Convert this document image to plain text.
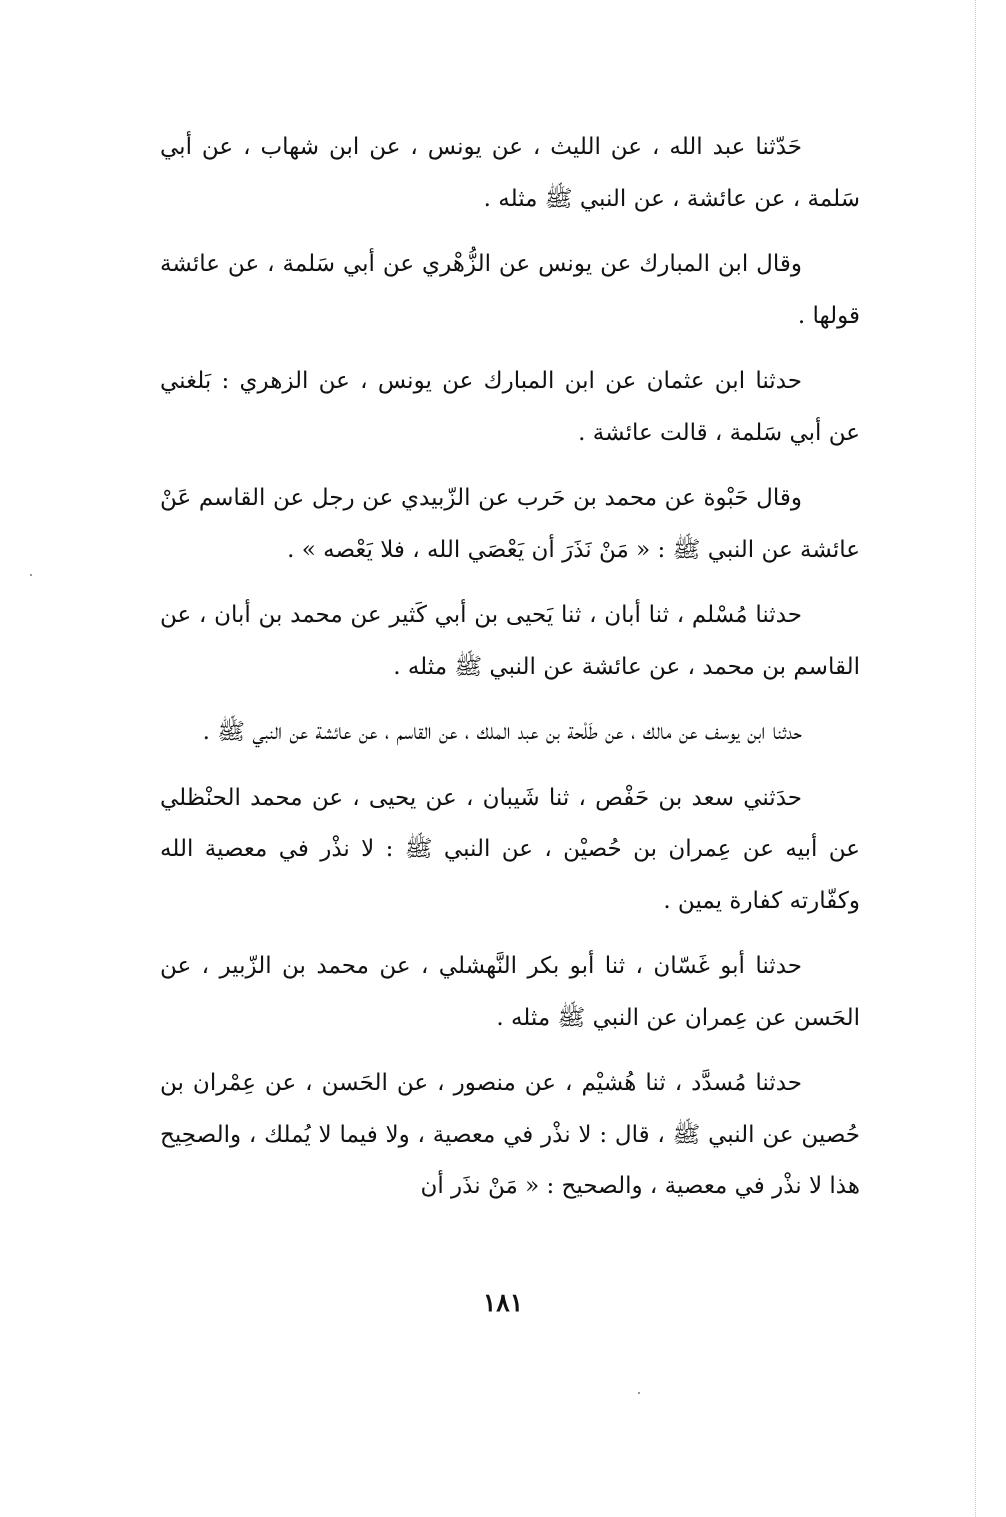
حَدّثنا عبد الله ، عن الليث ، عن يونس ، عن ابن شهاب ، عن أبي سَلمة ، عن عائشة ، عن النبي ﷺ مثله .

وقال ابن المبارك عن يونس عن الزُّهْري عن أبي سَلمة ، عن عائشة قولها .

حدثنا ابن عثمان عن ابن المبارك عن يونس ، عن الزهري : بَلغني عن أبي سَلمة ، قالت عائشة .

وقال حَبْوة عن محمد بن حَرب عن الزّبيدي عن رجل عن القاسم عَنْ عائشة عن النبي ﷺ : « مَنْ نَذَرَ أن يَعْصَي الله ، فلا يَعْصه » .

حدثنا مُسْلم ، ثنا أبان ، ثنا يَحيى بن أبي كَثير عن محمد بن أبان ، عن القاسم بن محمد ، عن عائشة عن النبي ﷺ مثله .

حدثنا ابن يوسف عن مالك ، عن طَلْحة بن عبد الملك ، عن القاسم ، عن عائشة عن النبي ﷺ .

حدَثني سعد بن حَفْص ، ثنا شَيبان ، عن يحيى ، عن محمد الحنْظلي عن أبيه عن عِمران بن حُصيْن ، عن النبي ﷺ : لا نذْر في معصية الله وكفّارته كفارة يمين .

حدثنا أبو غَسّان ، ثنا أبو بكر النَّهشلي ، عن محمد بن الزّبير ، عن الحَسن عن عِمران عن النبي ﷺ مثله .

حدثنا مُسدَّد ، ثنا هُشيْم ، عن منصور ، عن الحَسن ، عن عِمْران بن حُصين عن النبي ﷺ ، قال : لا نذْر في معصية ، ولا فيما لا يُملك ، والصحِيح هذا لا نذْر في معصية ، والصحيح : « مَنْ نذَر أن

١٨١
